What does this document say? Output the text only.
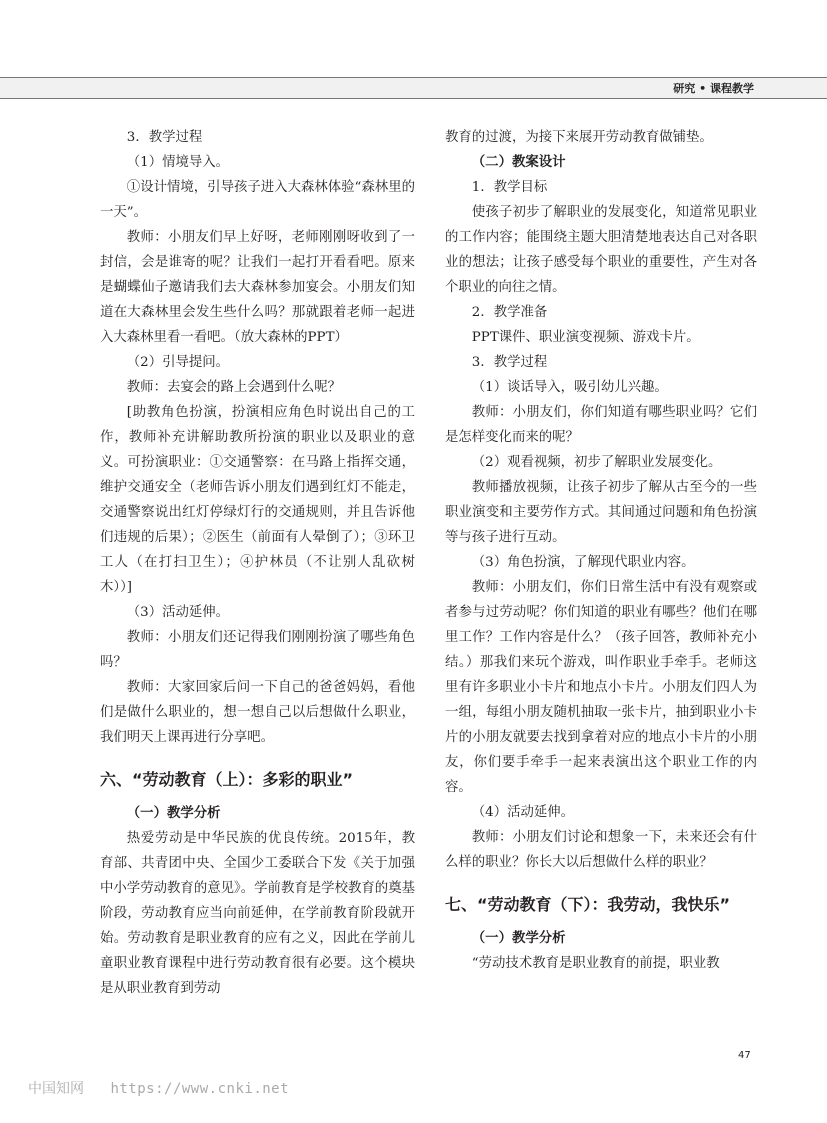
研究 • 课程教学

3．教学过程

（1）情境导入。

①设计情境，引导孩子进入大森林体验“森林里的一天”。

教师：小朋友们早上好呀，老师刚刚呀收到了一封信，会是谁寄的呢？让我们一起打开看看吧。原来是蝴蝶仙子邀请我们去大森林参加宴会。小朋友们知道在大森林里会发生些什么吗？那就跟着老师一起进入大森林里看一看吧。（放大森林的PPT）

（2）引导提问。

教师：去宴会的路上会遇到什么呢？

[助教角色扮演，扮演相应角色时说出自己的工作，教师补充讲解助教所扮演的职业以及职业的意义。可扮演职业：①交通警察：在马路上指挥交通，维护交通安全（老师告诉小朋友们遇到红灯不能走，交通警察说出红灯停绿灯行的交通规则，并且告诉他们违规的后果）；②医生（前面有人晕倒了）；③环卫工人（在打扫卫生）；④护林员（不让别人乱砍树木））]

（3）活动延伸。

教师：小朋友们还记得我们刚刚扮演了哪些角色吗？

教师：大家回家后问一下自己的爸爸妈妈，看他们是做什么职业的，想一想自己以后想做什么职业，我们明天上课再进行分享吧。

六、“劳动教育（上）：多彩的职业”

（一）教学分析

热爱劳动是中华民族的优良传统。2015年，教育部、共青团中央、全国少工委联合下发《关于加强中小学劳动教育的意见》。学前教育是学校教育的奠基阶段，劳动教育应当向前延伸，在学前教育阶段就开始。劳动教育是职业教育的应有之义，因此在学前儿童职业教育课程中进行劳动教育很有必要。这个模块是从职业教育到劳动

教育的过渡，为接下来展开劳动教育做铺垫。

（二）教案设计

1．教学目标

使孩子初步了解职业的发展变化，知道常见职业的工作内容；能围绕主题大胆清楚地表达自己对各职业的想法；让孩子感受每个职业的重要性，产生对各个职业的向往之情。

2．教学准备

PPT课件、职业演变视频、游戏卡片。

3．教学过程

（1）谈话导入，吸引幼儿兴趣。

教师：小朋友们，你们知道有哪些职业吗？它们是怎样变化而来的呢？

（2）观看视频，初步了解职业发展变化。

教师播放视频，让孩子初步了解从古至今的一些职业演变和主要劳作方式。其间通过问题和角色扮演等与孩子进行互动。

（3）角色扮演，了解现代职业内容。

教师：小朋友们，你们日常生活中有没有观察或者参与过劳动呢？你们知道的职业有哪些？他们在哪里工作？工作内容是什么？（孩子回答，教师补充小结。）那我们来玩个游戏，叫作职业手牵手。老师这里有许多职业小卡片和地点小卡片。小朋友们四人为一组，每组小朋友随机抽取一张卡片，抽到职业小卡片的小朋友就要去找到拿着对应的地点小卡片的小朋友，你们要手牵手一起来表演出这个职业工作的内容。

（4）活动延伸。

教师：小朋友们讨论和想象一下，未来还会有什么样的职业？你长大以后想做什么样的职业？

七、“劳动教育（下）：我劳动，我快乐”

（一）教学分析

“劳动技术教育是职业教育的前提，职业教

47
中国知网 https://www.cnki.net
